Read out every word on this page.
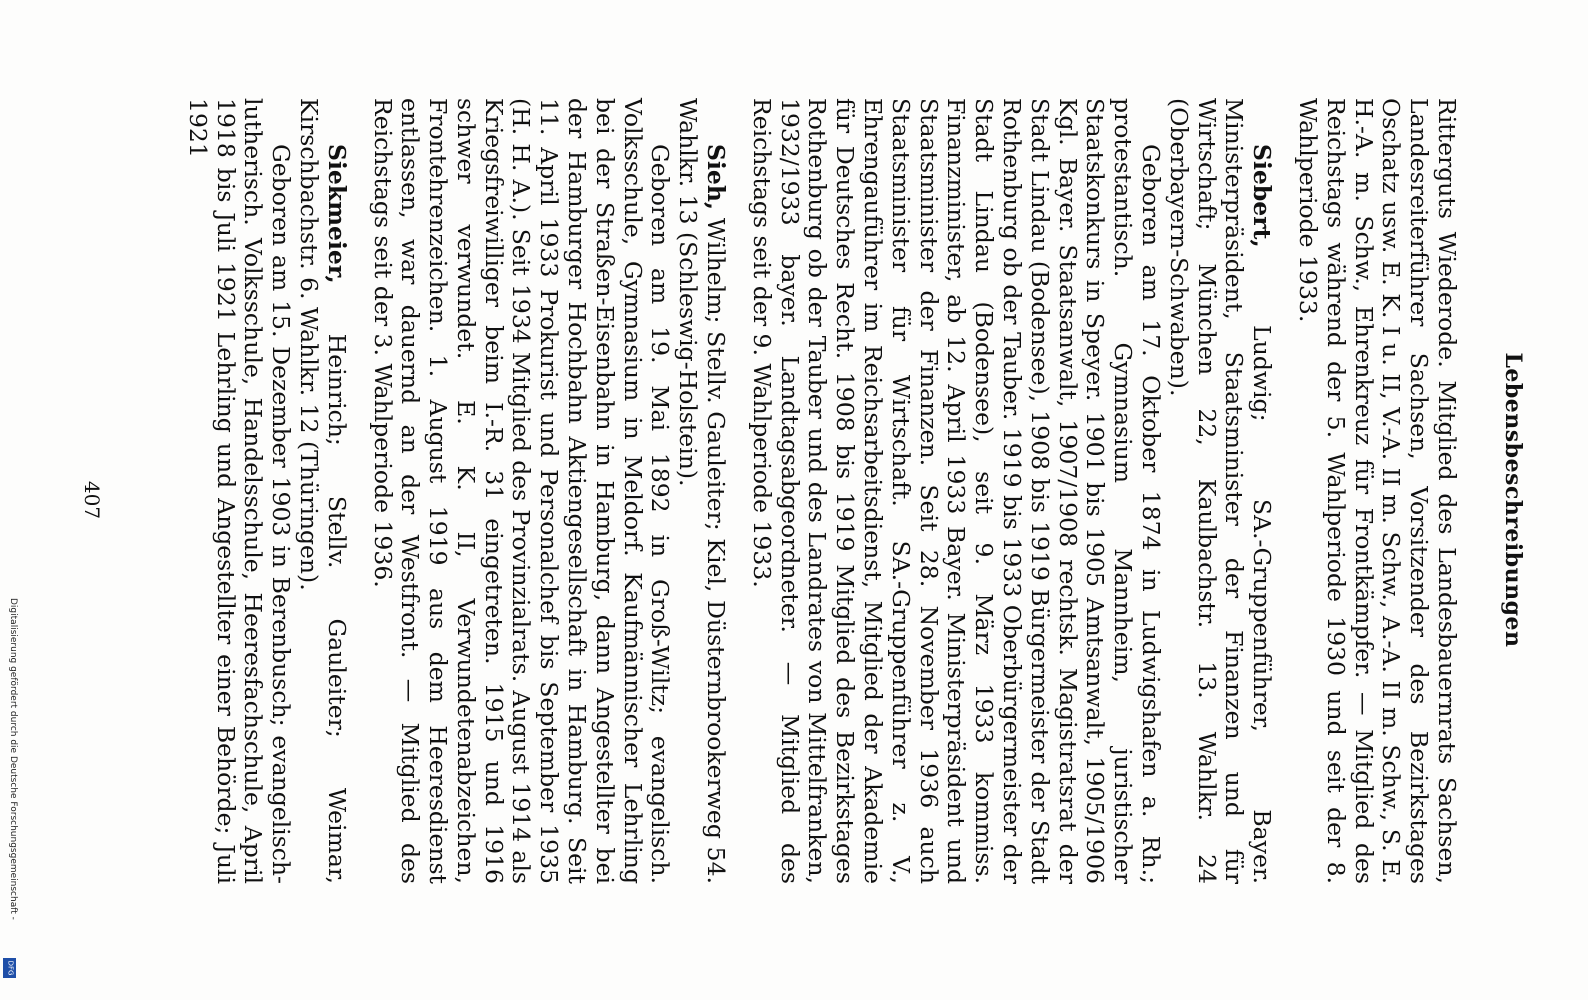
Lebensbeschreibungen

Ritterguts Wiederode. Mitglied des Landesbauernrats Sachsen, Landesreiterführer Sachsen, Vorsitzender des Bezirkstages Oschatz usw. E. K. I u. II, V.-A. II m. Schw., A.-A. II m. Schw., S. E. H.-A. m. Schw., Ehrenkreuz für Frontkämpfer. — Mitglied des Reichstags während der 5. Wahlperiode 1930 und seit der 8. Wahlperiode 1933.

Siebert, Ludwig; SA.-Gruppenführer, Bayer. Ministerpräsident, Staatsminister der Finanzen und für Wirtschaft; München 22, Kaulbachstr. 13. Wahlkr. 24 (Oberbayern-Schwaben).

Geboren am 17. Oktober 1874 in Ludwigshafen a. Rh.; protestantisch. Gymnasium Mannheim, juristischer Staatskonkurs in Speyer. 1901 bis 1905 Amtsanwalt, 1905/1906 Kgl. Bayer. Staatsanwalt, 1907/1908 rechtsk. Magistratsrat der Stadt Lindau (Bodensee), 1908 bis 1919 Bürgermeister der Stadt Rothenburg ob der Tauber. 1919 bis 1933 Oberbürgermeister der Stadt Lindau (Bodensee), seit 9. März 1933 kommiss. Finanzminister, ab 12. April 1933 Bayer. Ministerpräsident und Staatsminister der Finanzen. Seit 28. November 1936 auch Staatsminister für Wirtschaft. SA.-Gruppenführer z. V., Ehrengauführer im Reichsarbeitsdienst, Mitglied der Akademie für Deutsches Recht. 1908 bis 1919 Mitglied des Bezirkstages Rothenburg ob der Tauber und des Landrates von Mittelfranken, 1932/1933 bayer. Landtagsabgeordneter. — Mitglied des Reichstags seit der 9. Wahlperiode 1933.

Sieh, Wilhelm; Stellv. Gauleiter; Kiel, Düsternbrookerweg 54. Wahlkr. 13 (Schleswig-Holstein).

Geboren am 19. Mai 1892 in Groß-Wiltz; evangelisch. Volksschule, Gymnasium in Meldorf. Kaufmännischer Lehrling bei der Straßen-Eisenbahn in Hamburg, dann Angestellter bei der Hamburger Hochbahn Aktiengesellschaft in Hamburg. Seit 11. April 1933 Prokurist und Personalchef bis September 1935 (H. H. A.). Seit 1934 Mitglied des Provinzialrats. August 1914 als Kriegsfreiwilliger beim I.-R. 31 eingetreten. 1915 und 1916 schwer verwundet. E. K. II, Verwundetenabzeichen, Frontehrenzeichen. 1. August 1919 aus dem Heeresdienst entlassen, war dauernd an der Westfront. — Mitglied des Reichstags seit der 3. Wahlperiode 1936.

Siekmeier, Heinrich; Stellv. Gauleiter; Weimar, Kirschbachstr. 6. Wahlkr. 12 (Thüringen).

Geboren am 15. Dezember 1903 in Berenbusch; evangelisch-lutherisch. Volksschule, Handelsschule, Heeresfachschule, April 1918 bis Juli 1921 Lehrling und Angestellter einer Behörde; Juli 1921

407
Digitalisierung gefördert durch die Deutsche Forschungsgemeinschaft -
DFG
